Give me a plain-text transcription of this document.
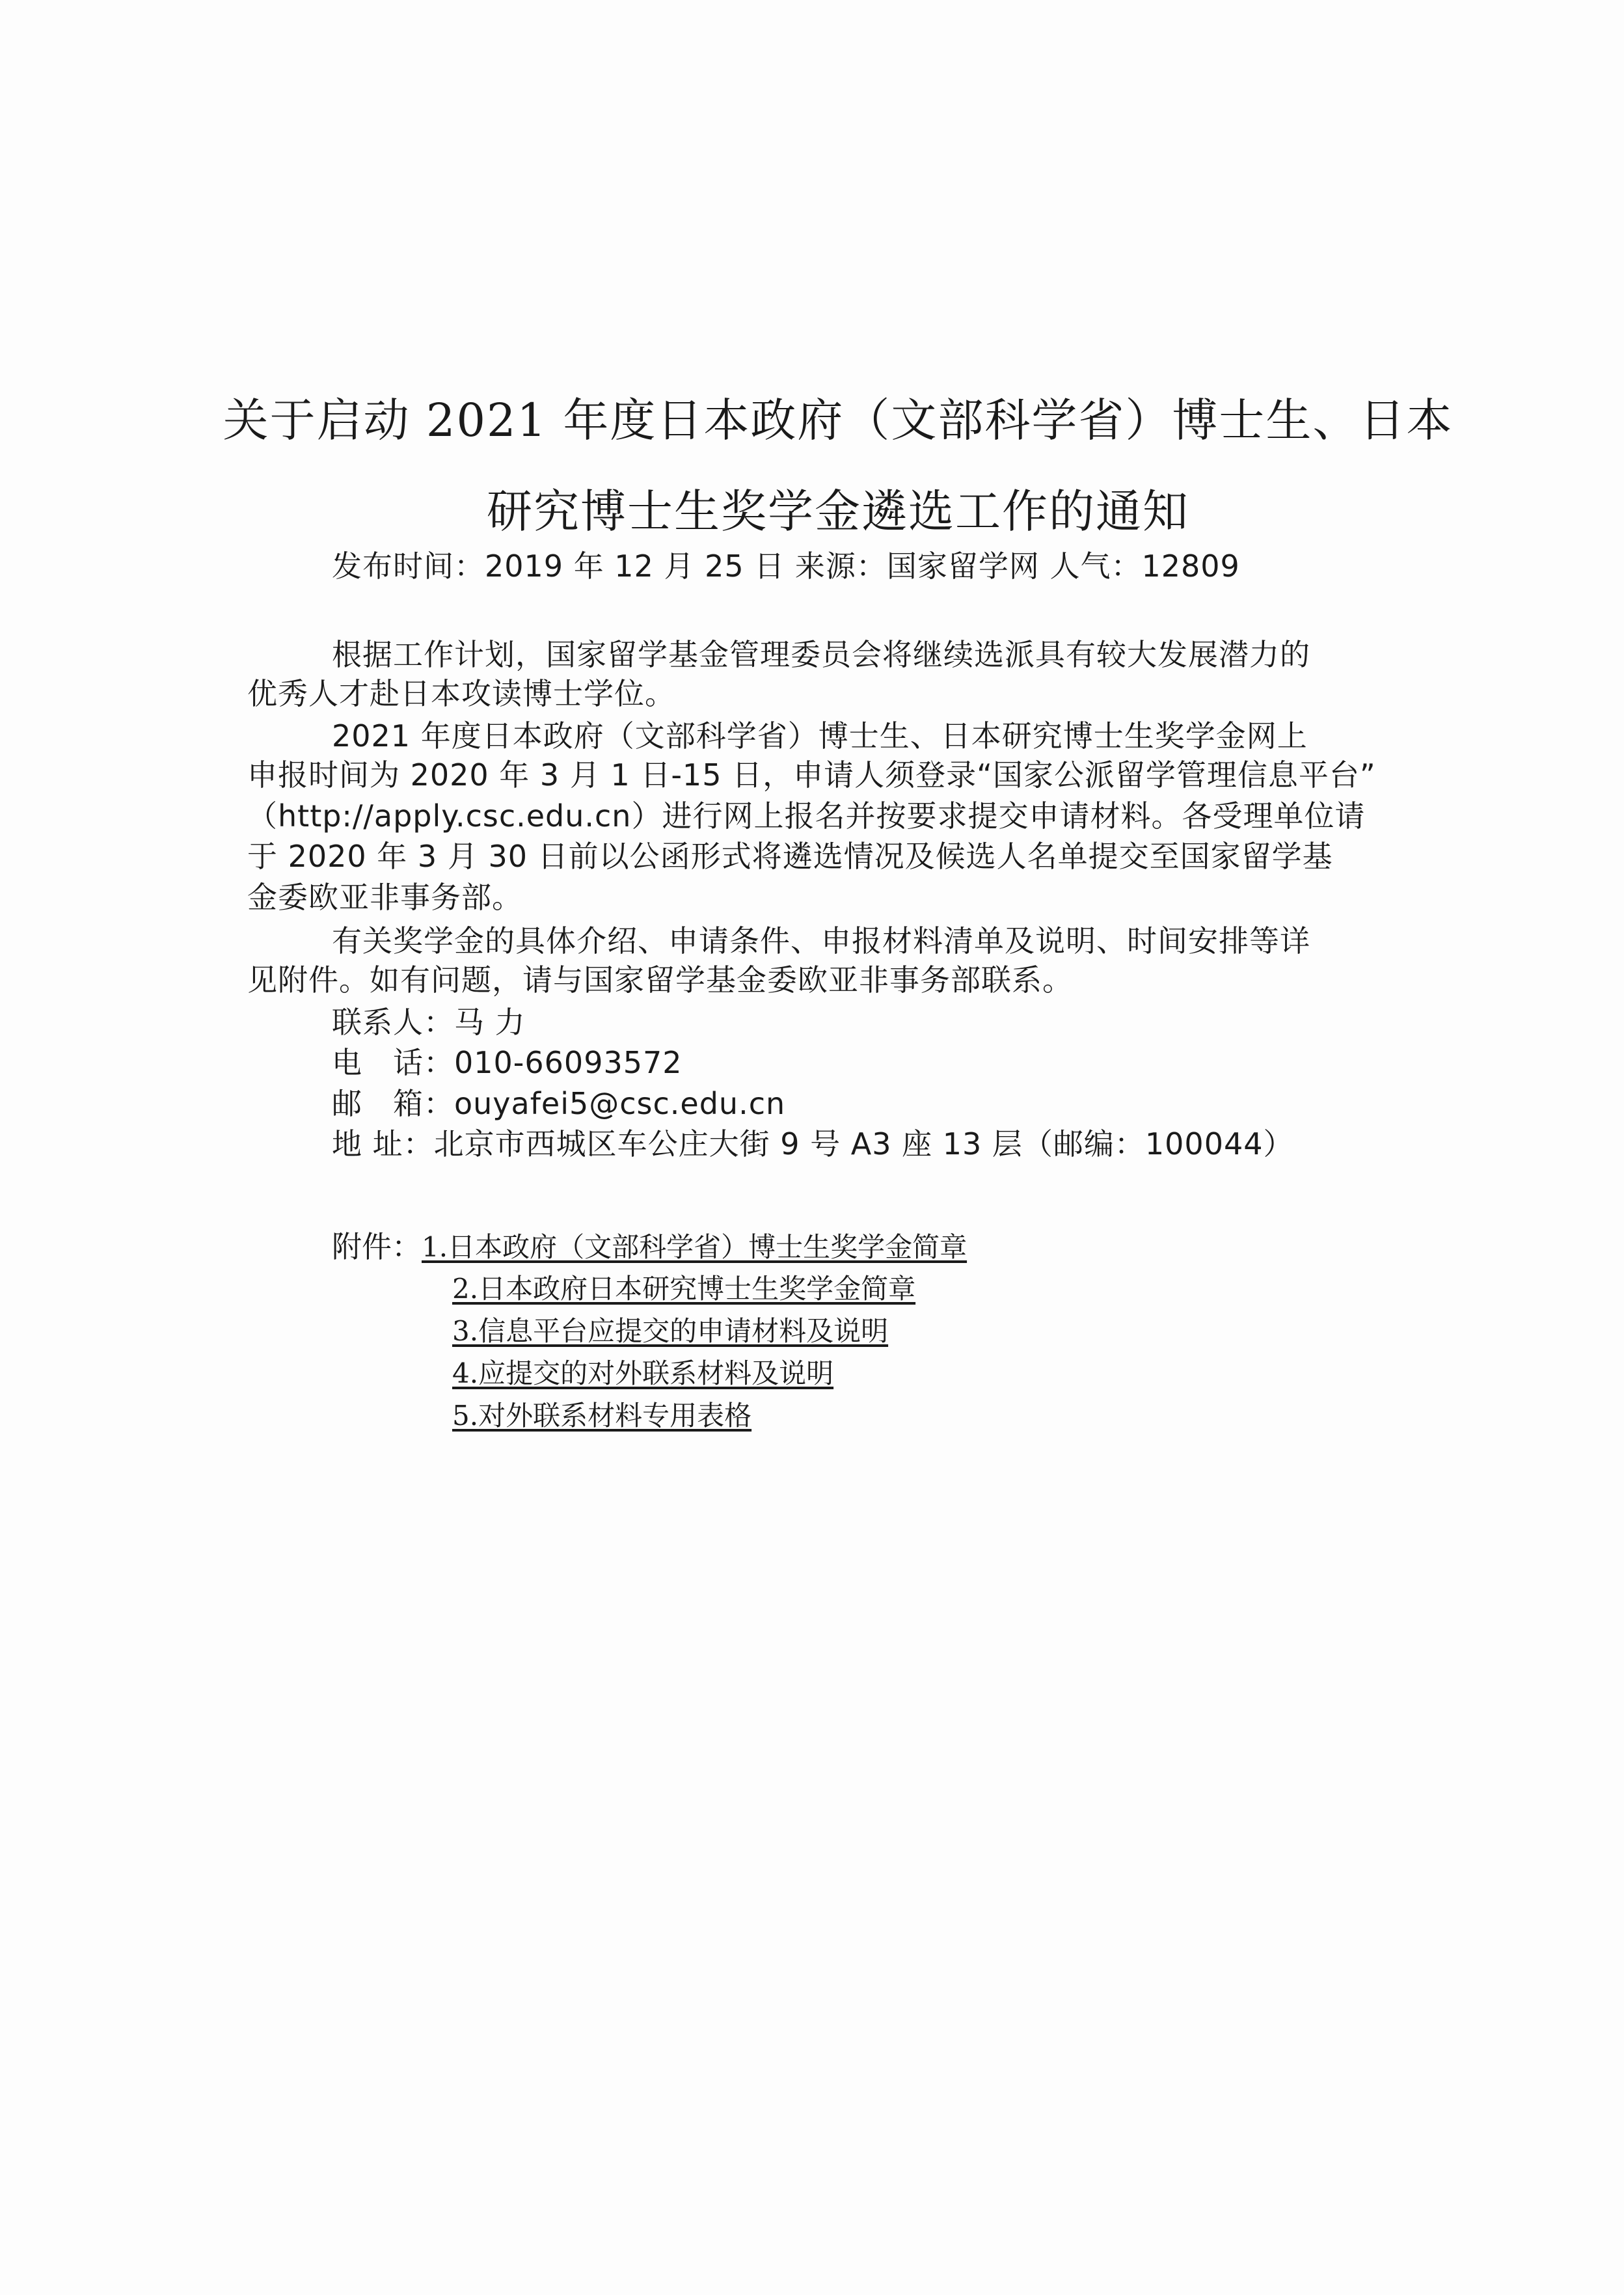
关于启动 2021 年度日本政府（文部科学省）博士生、日本
研究博士生奖学金遴选工作的通知
发布时间：2019 年 12 月 25 日 来源：国家留学网 人气：12809
根据工作计划，国家留学基金管理委员会将继续选派具有较大发展潜力的
优秀人才赴日本攻读博士学位。
2021 年度日本政府（文部科学省）博士生、日本研究博士生奖学金网上
申报时间为 2020 年 3 月 1 日-15 日，申请人须登录“国家公派留学管理信息平台”
（http://apply.csc.edu.cn）进行网上报名并按要求提交申请材料。各受理单位请
于 2020 年 3 月 30 日前以公函形式将遴选情况及候选人名单提交至国家留学基
金委欧亚非事务部。
有关奖学金的具体介绍、申请条件、申报材料清单及说明、时间安排等详
见附件。如有问题，请与国家留学基金委欧亚非事务部联系。
联系人：马 力
电　话：010-66093572
邮　箱：ouyafei5@csc.edu.cn
地 址：北京市西城区车公庄大街 9 号 A3 座 13 层（邮编：100044）
附件： 1.日本政府（文部科学省）博士生奖学金简章
2.日本政府日本研究博士生奖学金简章
3.信息平台应提交的申请材料及说明
4.应提交的对外联系材料及说明
5.对外联系材料专用表格
